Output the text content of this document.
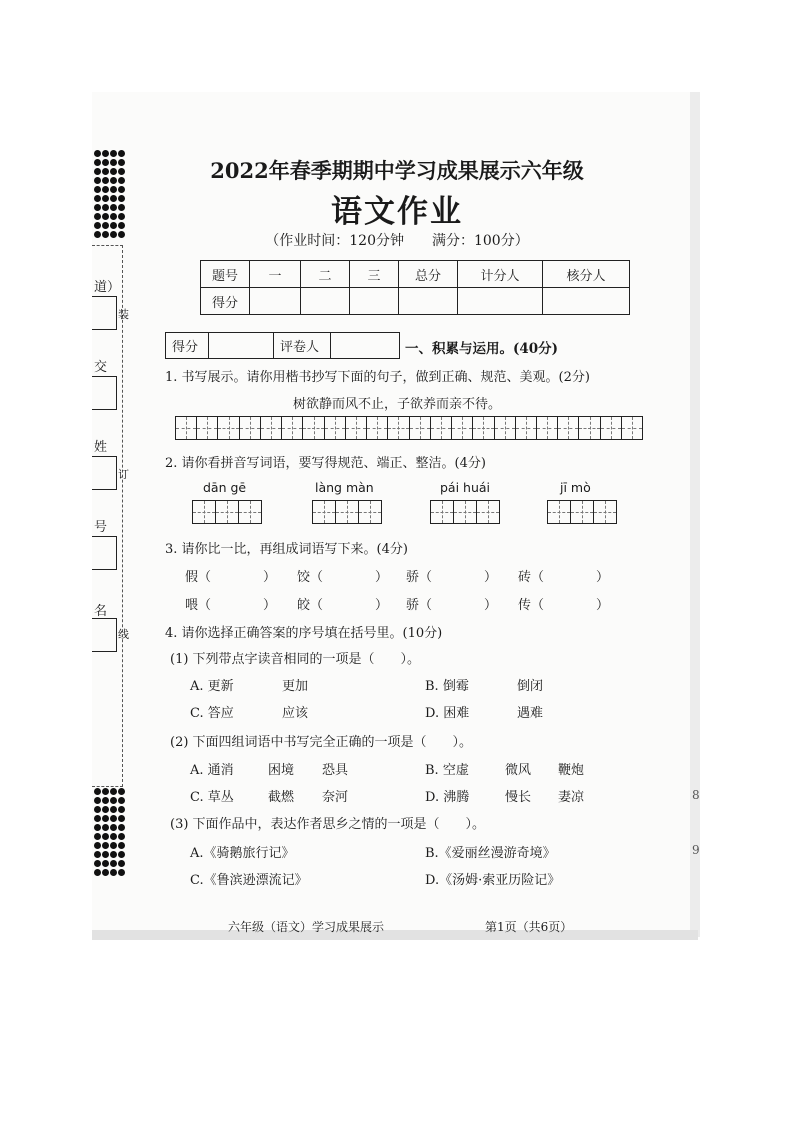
道）
交
姓
号
名
装
订
线
2022年春季期期中学习成果展示六年级
语文作业
（作业时间：120分钟　　满分：100分）
题号	一	二	三	总分	计分人	核分人
得分						
得分		评卷人		一、积累与运用。(40分)
1. 书写展示。请你用楷书抄写下面的句子，做到正确、规范、美观。(2分)
树欲静而风不止，子欲养而亲不待。
2. 请你看拼音写词语，要写得规范、端正、整洁。(4分)
dān gē	làng màn	pái huái	jī mò
3. 请你比一比，再组成词语写下来。(4分)
假（　　　　） 饺（　　　　） 骄（　　　　） 砖（　　　　）
喂（　　　　） 皎（　　　　） 骄（　　　　） 传（　　　　）
4. 请你选择正确答案的序号填在括号里。(10分)
(1) 下列带点字读音相同的一项是（　　）。
A. 更新	更加	B. 倒霉	倒闭
C. 答应	应该	D. 困难	遇难
(2) 下面四组词语中书写完全正确的一项是（　　）。
A. 通消	困境 恐具	B. 空虚	微风 鞭炮
C. 草丛	截燃 奈河	D. 沸腾	慢长 妻凉
(3) 下面作品中，表达作者思乡之情的一项是（　　）。
A.《骑鹅旅行记》	B.《爱丽丝漫游奇境》
C.《鲁滨逊漂流记》	D.《汤姆·索亚历险记》
六年级（语文）学习成果展示	第1页（共6页）
8
9
